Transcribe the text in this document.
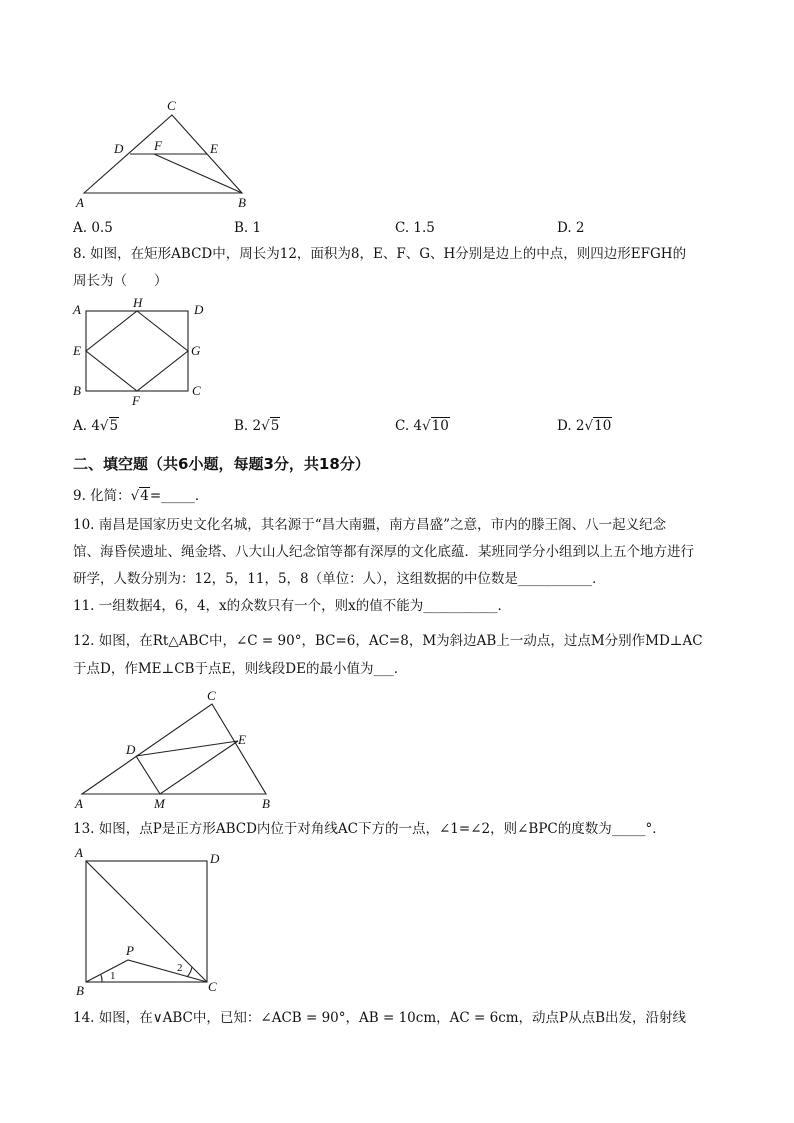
C
D F	E
A	B
A. 0.5	B. 1	C. 1.5	D. 2
8. 如图，在矩形ABCD中，周长为12，面积为8，E、F、G、H分别是边上的中点，则四边形EFGH的
周长为（　　）
A	H	D
E	G
B
F
C
A. 4√5	B. 2√5	C. 4√10	D. 2√10
二、填空题（共6小题，每题3分，共18分）
9. 化简：√4=_____．
10. 南昌是国家历史文化名城，其名源于“昌大南疆，南方昌盛”之意，市内的滕王阁、八一起义纪念
馆、海昏侯遗址、绳金塔、八大山人纪念馆等都有深厚的文化底蕴．某班同学分小组到以上五个地方进行
研学，人数分别为：12，5，11，5，8（单位：人），这组数据的中位数是___________．
11. 一组数据4，6，4，x的众数只有一个，则x的值不能为___________．
12. 如图，在Rt△ABC中，∠C = 90°，BC=6，AC=8，M为斜边AB上一动点，过点M分别作MD⊥AC
于点D，作ME⊥CB于点E，则线段DE的最小值为___．
C
D
E
A	M	B
13. 如图，点P是正方形ABCD内位于对角线AC下方的一点，∠1=∠2，则∠BPC的度数为_____°．
A	D
P
1
2
B	C
14. 如图，在∨ABC中，已知：∠ACB = 90°，AB = 10cm，AC = 6cm，动点P从点B出发，沿射线
